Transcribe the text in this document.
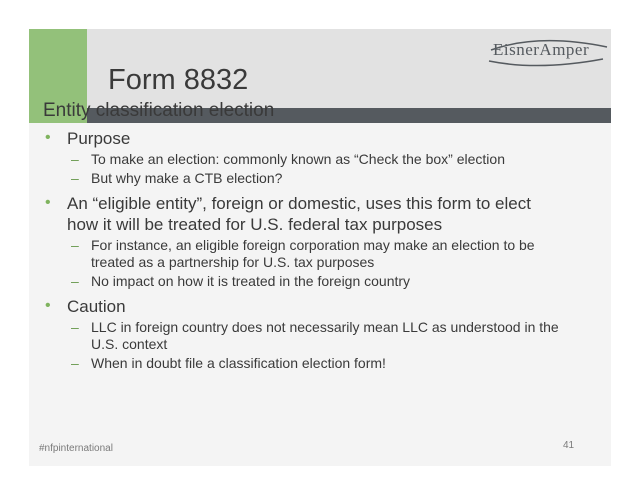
EisnerAmper
Form 8832
#nfpinternational	41
Entity classification election
• Purpose
– To make an election: commonly known as “Check the box” election
– But why make a CTB election?
• An “eligible entity”, foreign or domestic, uses this form to elect how it will be treated for U.S. federal tax purposes
– For instance, an eligible foreign corporation may make an election to be treated as a partnership for U.S. tax purposes
– No impact on how it is treated in the foreign country
• Caution
– LLC in foreign country does not necessarily mean LLC as understood in the U.S. context
– When in doubt file a classification election form!
